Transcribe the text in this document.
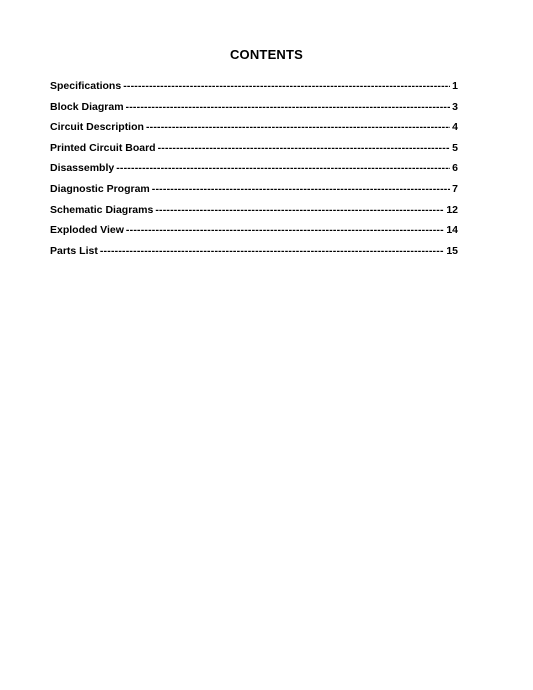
CONTENTS
Specifications -----	1
Block Diagram -----	3
Circuit Description -----	4
Printed Circuit Board -----	5
Disassembly -----	6
Diagnostic Program -----	7
Schematic Diagrams -----	12
Exploded View -----	14
Parts List -----	15
